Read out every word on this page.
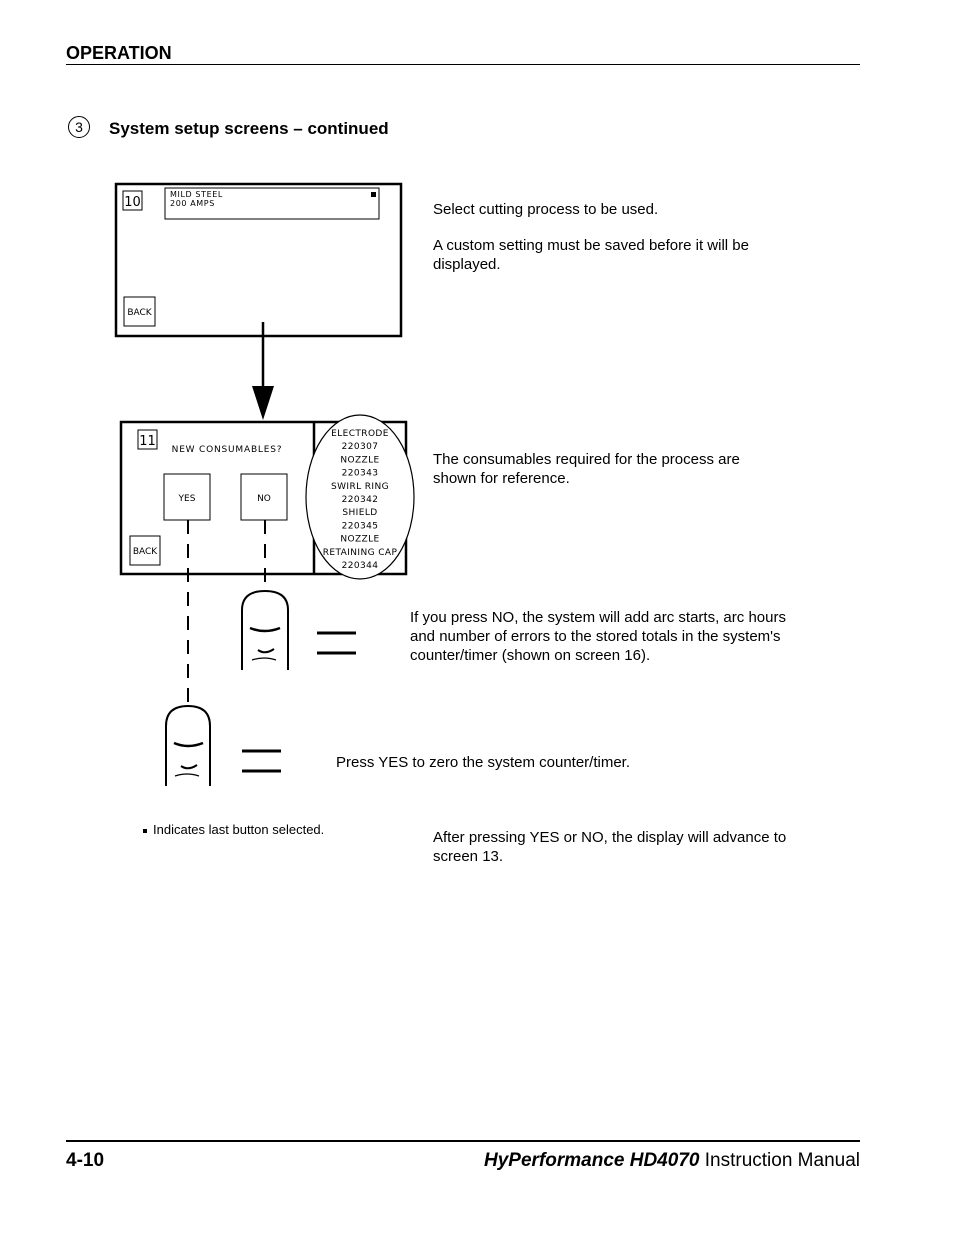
OPERATION
3	System setup screens – continued
10
MILD STEEL
200 AMPS
BACK
11
NEW CONSUMABLES?
YES	NO
BACK
ELECTRODE
220307
NOZZLE
220343
SWIRL RING
220342
SHIELD
220345
NOZZLE
RETAINING CAP
220344
Select cutting process to be used.
A custom setting must be saved before it will be displayed.
The consumables required for the process are shown for reference.
If you press NO, the system will add arc starts, arc hours and number of errors to the stored totals in the system's counter/timer (shown on screen 16).
Press YES to zero the system counter/timer.
Indicates last button selected.	After pressing YES or NO, the display will advance to screen 13.
4-10	HyPerformance HD4070 Instruction Manual
